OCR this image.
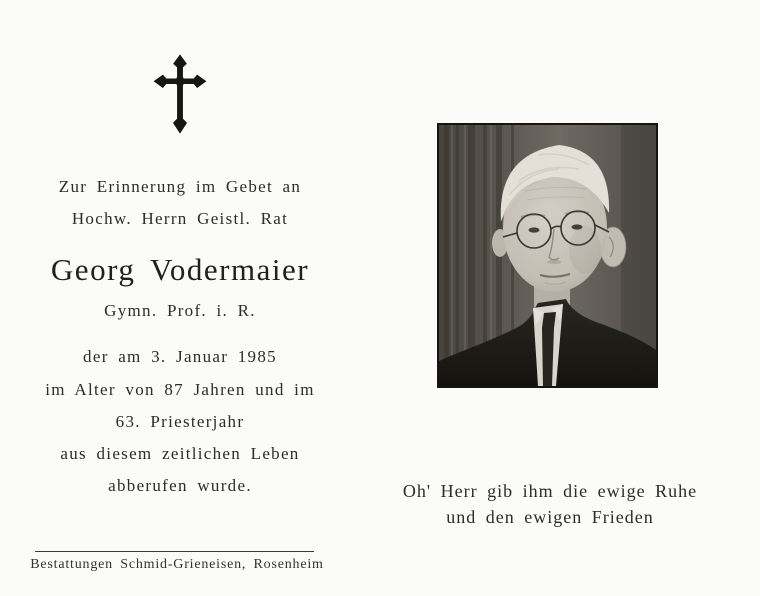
Zur Erinnerung im Gebet an
Hochw. Herrn Geistl. Rat
Georg Vodermaier
Gymn. Prof. i. R.
der am 3. Januar 1985
im Alter von 87 Jahren und im
63. Priesterjahr
aus diesem zeitlichen Leben
abberufen wurde.
Bestattungen Schmid-Grieneisen, Rosenheim
Oh' Herr gib ihm die ewige Ruhe
und den ewigen Frieden
